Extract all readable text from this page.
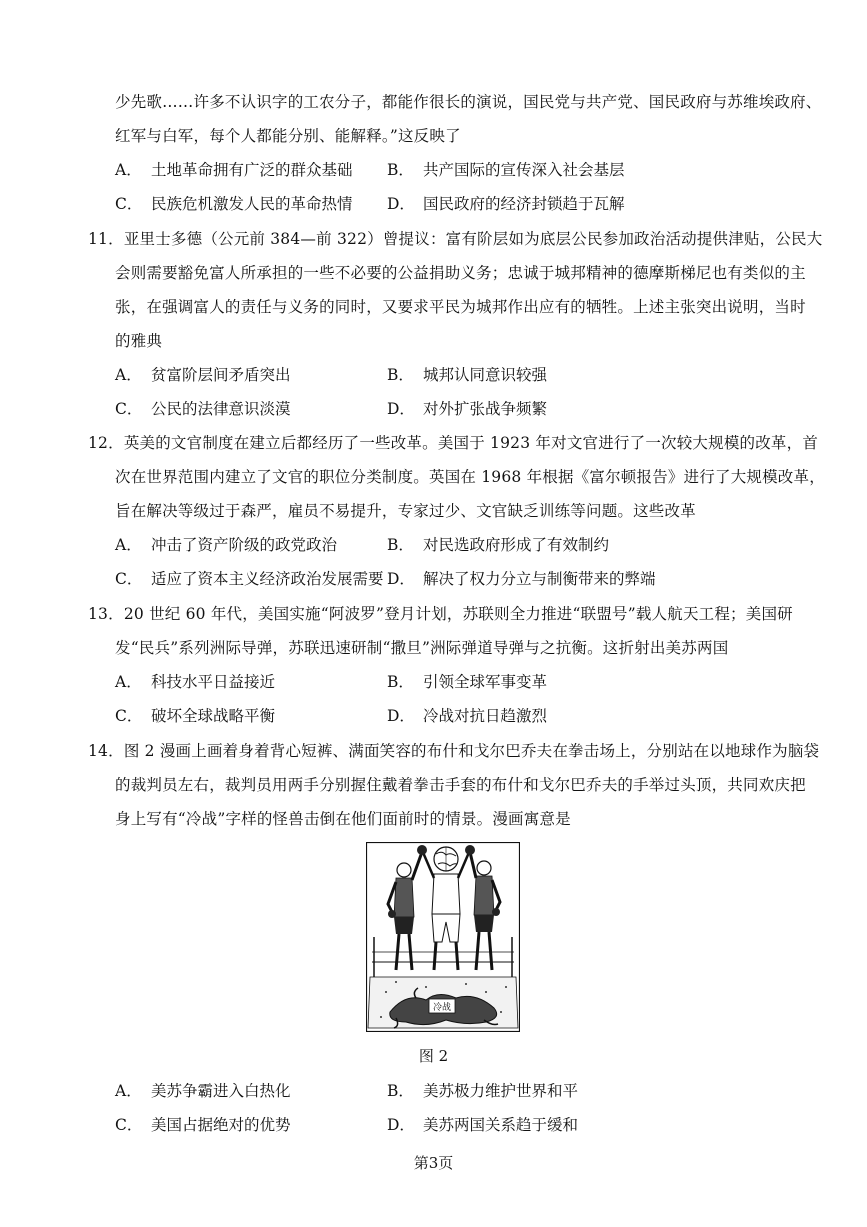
少先歌……许多不认识字的工农分子，都能作很长的演说，国民党与共产党、国民政府与苏维埃政府、
红军与白军，每个人都能分别、能解释。”这反映了
A． 土地革命拥有广泛的群众基础 B． 共产国际的宣传深入社会基层
C． 民族危机激发人民的革命热情 D． 国民政府的经济封锁趋于瓦解
11．亚里士多德（公元前 384—前 322）曾提议：富有阶层如为底层公民参加政治活动提供津贴，公民大
会则需要豁免富人所承担的一些不必要的公益捐助义务；忠诚于城邦精神的德摩斯梯尼也有类似的主
张，在强调富人的责任与义务的同时，又要求平民为城邦作出应有的牺牲。上述主张突出说明，当时
的雅典
A． 贫富阶层间矛盾突出	B． 城邦认同意识较强
C． 公民的法律意识淡漠	D． 对外扩张战争频繁
12．英美的文官制度在建立后都经历了一些改革。美国于 1923 年对文官进行了一次较大规模的改革，首
次在世界范围内建立了文官的职位分类制度。英国在 1968 年根据《富尔顿报告》进行了大规模改革，
旨在解决等级过于森严，雇员不易提升，专家过少、文官缺乏训练等问题。这些改革
A． 冲击了资产阶级的政党政治	B． 对民选政府形成了有效制约
C． 适应了资本主义经济政治发展需要 D． 解决了权力分立与制衡带来的弊端
13．20 世纪 60 年代，美国实施“阿波罗”登月计划，苏联则全力推进“联盟号”载人航天工程；美国研
发“民兵”系列洲际导弹，苏联迅速研制“撒旦”洲际弹道导弹与之抗衡。这折射出美苏两国
A． 科技水平日益接近	B． 引领全球军事变革
C． 破坏全球战略平衡	D． 冷战对抗日趋激烈
14．图 2 漫画上画着身着背心短裤、满面笑容的布什和戈尔巴乔夫在拳击场上，分别站在以地球作为脑袋
的裁判员左右，裁判员用两手分别握住戴着拳击手套的布什和戈尔巴乔夫的手举过头顶，共同欢庆把
身上写有“冷战”字样的怪兽击倒在他们面前时的情景。漫画寓意是
冷战
图 2
A． 美苏争霸进入白热化	B． 美苏极力维护世界和平
C． 美国占据绝对的优势	D． 美苏两国关系趋于缓和
第3页
